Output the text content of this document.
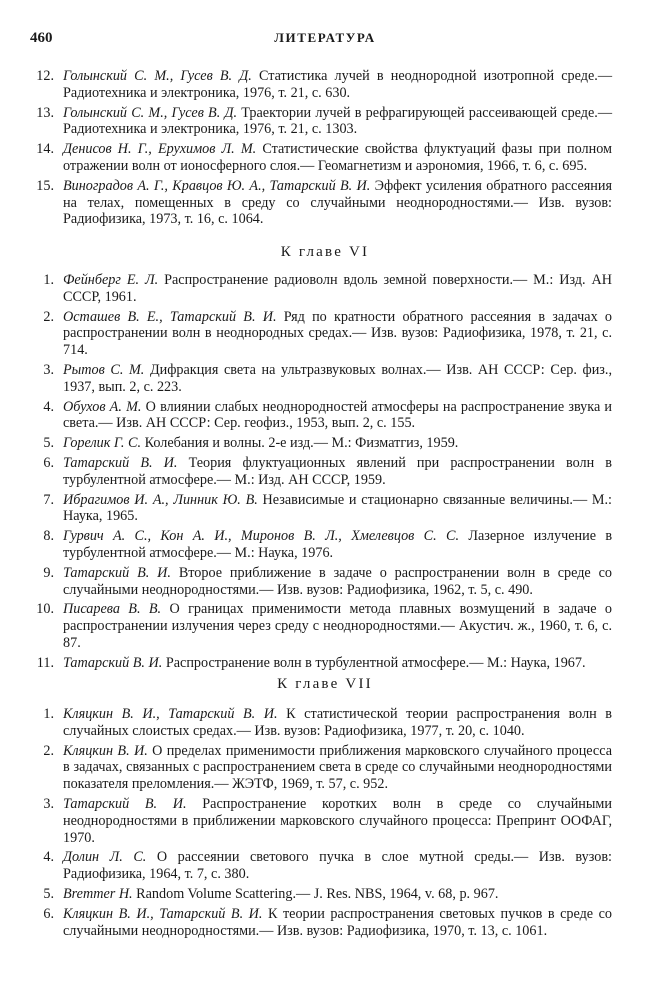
460	ЛИТЕРАТУРА
12. Голынский С. М., Гусев В. Д. Статистика лучей в неоднородной изотропной среде.— Радиотехника и электроника, 1976, т. 21, с. 630.
13. Голынский С. М., Гусев В. Д. Траектории лучей в рефрагирующей рассеивающей среде.— Радиотехника и электроника, 1976, т. 21, с. 1303.
14. Денисов Н. Г., Ерухимов Л. М. Статистические свойства флуктуаций фазы при полном отражении волн от ионосферного слоя.— Геомагнетизм и аэрономия, 1966, т. 6, с. 695.
15. Виноградов А. Г., Кравцов Ю. А., Татарский В. И. Эффект усиления обратного рассеяния на телах, помещенных в среду со случайными неоднородностями.— Изв. вузов: Радиофизика, 1973, т. 16, с. 1064.
К главе VI
1. Фейнберг Е. Л. Распространение радиоволн вдоль земной поверхности.— М.: Изд. АН СССР, 1961.
2. Осташев В. Е., Татарский В. И. Ряд по кратности обратного рассеяния в задачах о распространении волн в неоднородных средах.— Изв. вузов: Радиофизика, 1978, т. 21, с. 714.
3. Рытов С. М. Дифракция света на ультразвуковых волнах.— Изв. АН СССР: Сер. физ., 1937, вып. 2, с. 223.
4. Обухов А. М. О влиянии слабых неоднородностей атмосферы на распространение звука и света.— Изв. АН СССР: Сер. геофиз., 1953, вып. 2, с. 155.
5. Горелик Г. С. Колебания и волны. 2-е изд.— М.: Физматгиз, 1959.
6. Татарский В. И. Теория флуктуационных явлений при распространении волн в турбулентной атмосфере.— М.: Изд. АН СССР, 1959.
7. Ибрагимов И. А., Линник Ю. В. Независимые и стационарно связанные величины.— М.: Наука, 1965.
8. Гурвич А. С., Кон А. И., Миронов В. Л., Хмелевцов С. С. Лазерное излучение в турбулентной атмосфере.— М.: Наука, 1976.
9. Татарский В. И. Второе приближение в задаче о распространении волн в среде со случайными неоднородностями.— Изв. вузов: Радиофизика, 1962, т. 5, с. 490.
10. Писарева В. В. О границах применимости метода плавных возмущений в задаче о распространении излучения через среду с неоднородностями.— Акустич. ж., 1960, т. 6, с. 87.
11. Татарский В. И. Распространение волн в турбулентной атмосфере.— М.: Наука, 1967.
К главе VII
1. Кляцкин В. И., Татарский В. И. К статистической теории распространения волн в случайных слоистых средах.— Изв. вузов: Радиофизика, 1977, т. 20, с. 1040.
2. Кляцкин В. И. О пределах применимости приближения марковского случайного процесса в задачах, связанных с распространением света в среде со случайными неоднородностями показателя преломления.— ЖЭТФ, 1969, т. 57, с. 952.
3. Татарский В. И. Распространение коротких волн в среде со случайными неоднородностями в приближении марковского случайного процесса: Препринт ООФАГ, 1970.
4. Долин Л. С. О рассеянии светового пучка в слое мутной среды.— Изв. вузов: Радиофизика, 1964, т. 7, с. 380.
5. Bremmer H. Random Volume Scattering.— J. Res. NBS, 1964, v. 68, p. 967.
6. Кляцкин В. И., Татарский В. И. К теории распространения световых пучков в среде со случайными неоднородностями.— Изв. вузов: Радиофизика, 1970, т. 13, с. 1061.
